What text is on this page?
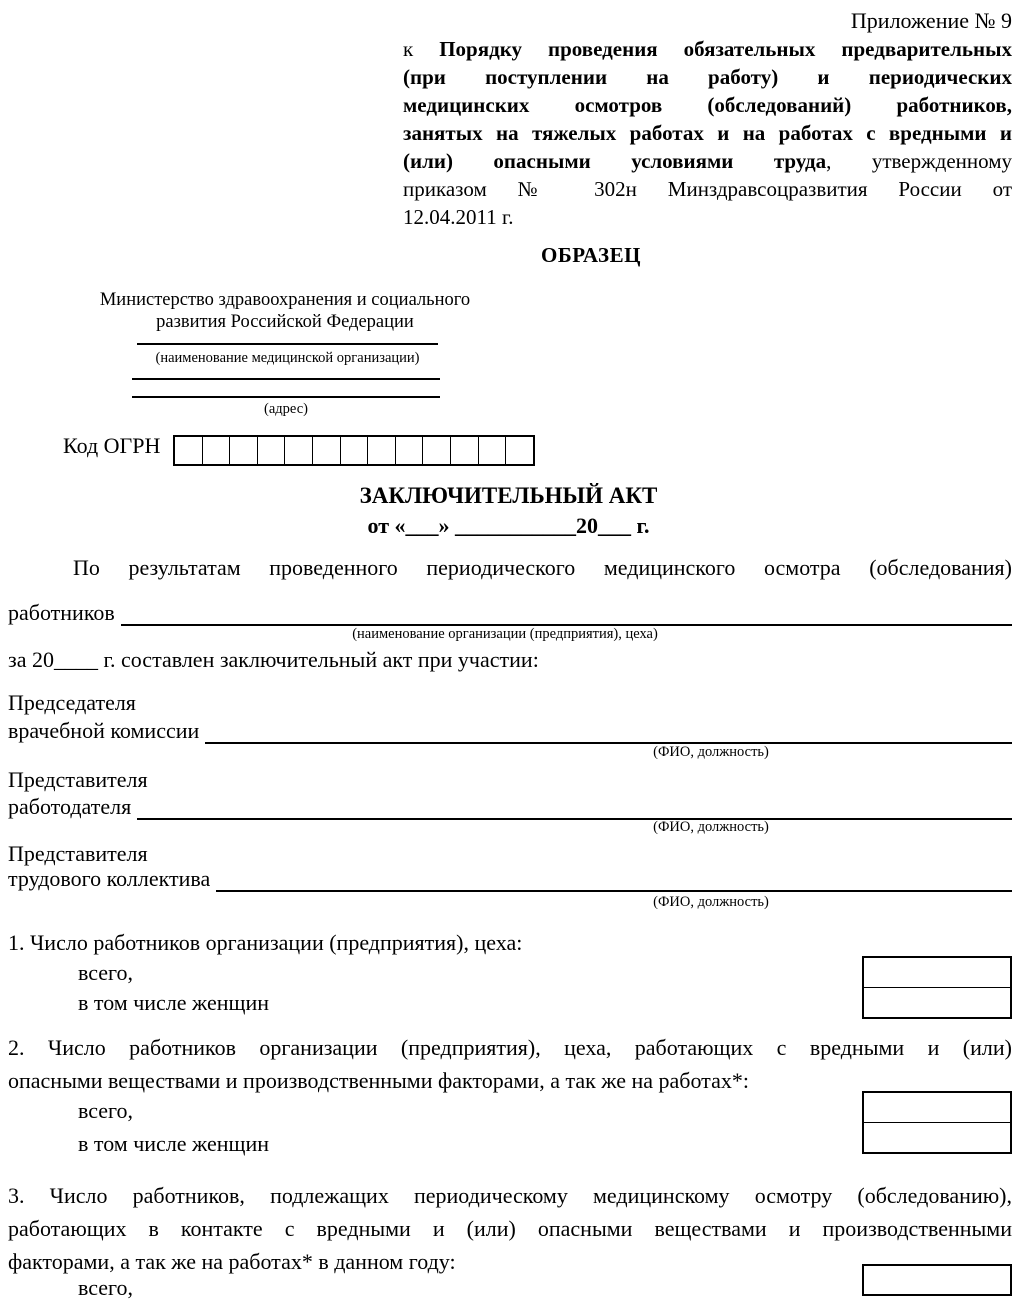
Приложение № 9
к Порядку проведения обязательных предварительных
(при поступлении на работу) и периодических
медицинских осмотров (обследований) работников,
занятых на тяжелых работах и на работах с вредными и
(или) опасными условиями труда, утвержденному
приказом № 302н Минздравсоцразвития России от
12.04.2011 г.
ОБРАЗЕЦ
Министерство здравоохранения и социального
развития Российской Федерации
(наименование медицинской организации)
(адрес)
Код ОГРН
ЗАКЛЮЧИТЕЛЬНЫЙ АКТ
от «___» ___________20___ г.
По результатам проведенного периодического медицинского осмотра (обследования)
работников
(наименование организации (предприятия), цеха)
за 20____ г. составлен заключительный акт при участии:
Председателя
врачебной комиссии
(ФИО, должность)
Представителя
работодателя
(ФИО, должность)
Представителя
трудового коллектива
(ФИО, должность)
1. Число работников организации (предприятия), цеха:
всего,
в том числе женщин
2. Число работников организации (предприятия), цеха, работающих с вредными и (или)
опасными веществами и производственными факторами, а так же на работах*:
всего,
в том числе женщин
3. Число работников, подлежащих периодическому медицинскому осмотру (обследованию),
работающих в контакте с вредными и (или) опасными веществами и производственными
факторами, а так же на работах* в данном году:
всего,
